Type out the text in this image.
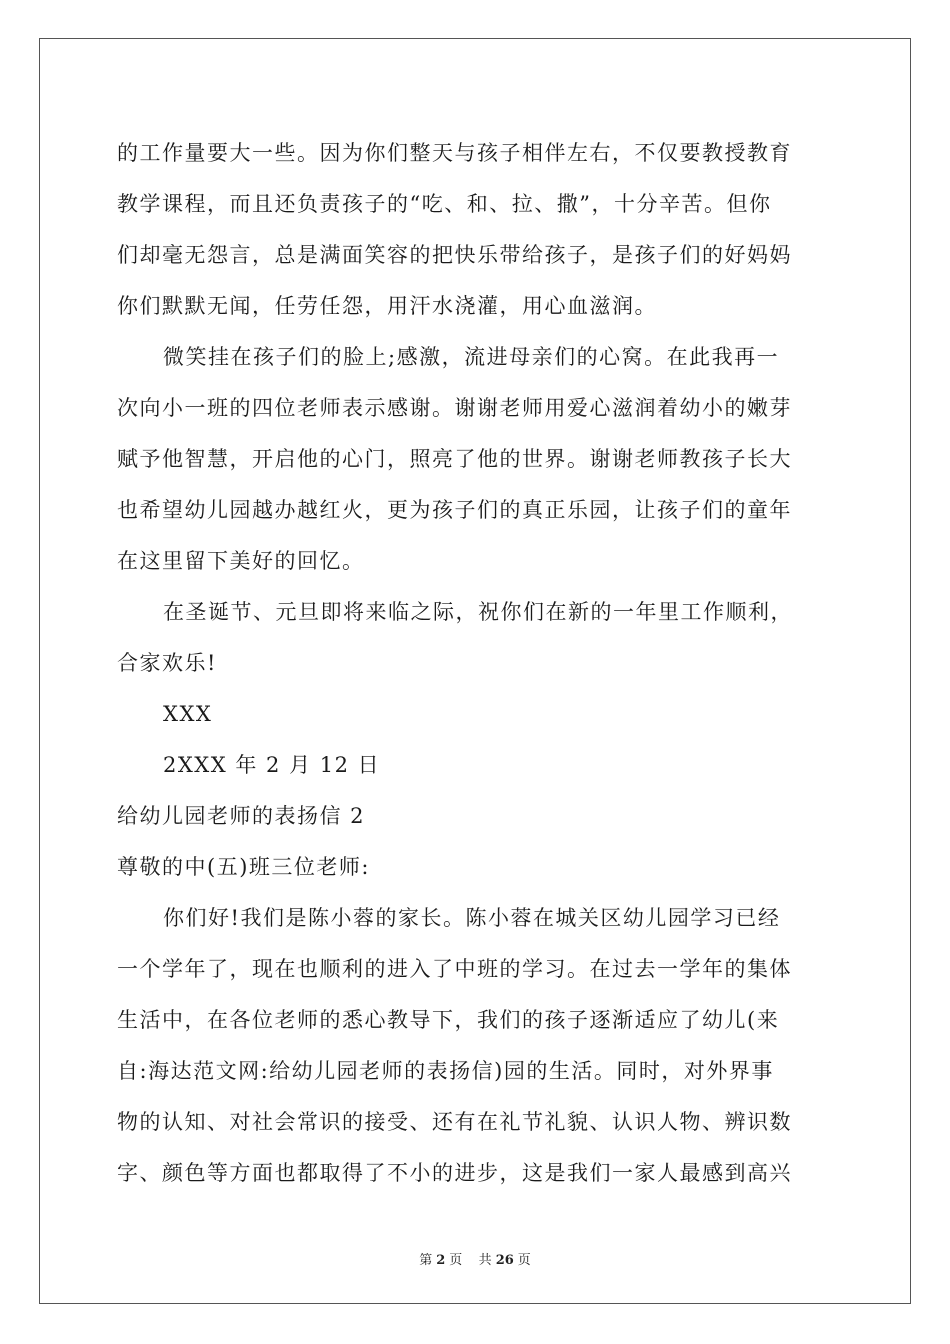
的工作量要大一些。因为你们整天与孩子相伴左右，不仅要教授教育
教学课程，而且还负责孩子的“吃、和、拉、撒”，十分辛苦。但你
们却毫无怨言，总是满面笑容的把快乐带给孩子，是孩子们的好妈妈
你们默默无闻，任劳任怨，用汗水浇灌，用心血滋润。
微笑挂在孩子们的脸上;感激，流进母亲们的心窝。在此我再一
次向小一班的四位老师表示感谢。谢谢老师用爱心滋润着幼小的嫩芽
赋予他智慧，开启他的心门，照亮了他的世界。谢谢老师教孩子长大
也希望幼儿园越办越红火，更为孩子们的真正乐园，让孩子们的童年
在这里留下美好的回忆。
在圣诞节、元旦即将来临之际，祝你们在新的一年里工作顺利，
合家欢乐!
XXX
2XXX 年 2 月 12 日
给幼儿园老师的表扬信 2
尊敬的中(五)班三位老师:
你们好!我们是陈小蓉的家长。陈小蓉在城关区幼儿园学习已经
一个学年了，现在也顺利的进入了中班的学习。在过去一学年的集体
生活中，在各位老师的悉心教导下，我们的孩子逐渐适应了幼儿(来
自:海达范文网:给幼儿园老师的表扬信)园的生活。同时，对外界事
物的认知、对社会常识的接受、还有在礼节礼貌、认识人物、辨识数
字、颜色等方面也都取得了不小的进步，这是我们一家人最感到高兴
第 2 页 共 26 页
